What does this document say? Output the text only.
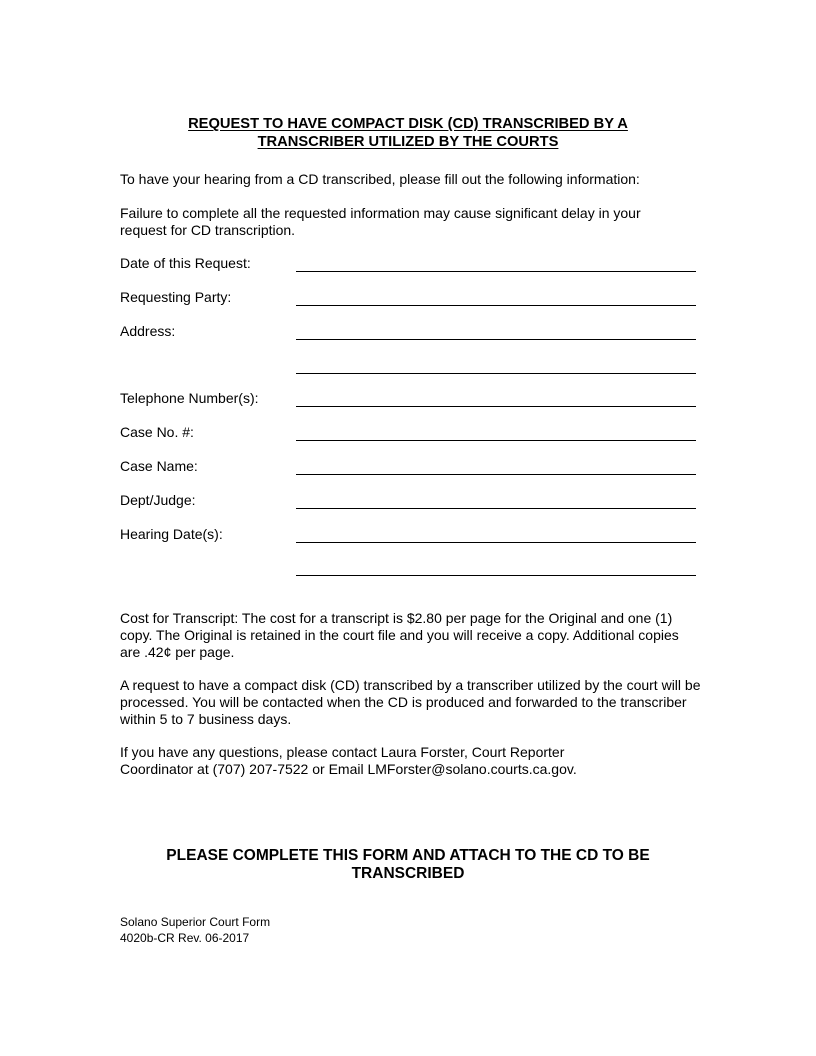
REQUEST TO HAVE COMPACT DISK (CD) TRANSCRIBED BY A
TRANSCRIBER UTILIZED BY THE COURTS
To have your hearing from a CD transcribed, please fill out the following information:
Failure to complete all the requested information may cause significant delay in your request for CD transcription.
Date of this Request:
Requesting Party:
Address:
Telephone Number(s):
Case No. #:
Case Name:
Dept/Judge:
Hearing Date(s):
Cost for Transcript: The cost for a transcript is $2.80 per page for the Original and one (1) copy. The Original is retained in the court file and you will receive a copy. Additional copies are .42¢ per page.
A request to have a compact disk (CD) transcribed by a transcriber utilized by the court will be processed. You will be contacted when the CD is produced and forwarded to the transcriber within 5 to 7 business days.
If you have any questions, please contact Laura Forster, Court Reporter Coordinator at (707) 207-7522 or Email LMForster@solano.courts.ca.gov.
PLEASE COMPLETE THIS FORM AND ATTACH TO THE CD TO BE
TRANSCRIBED
Solano Superior Court Form
4020b-CR Rev. 06-2017
